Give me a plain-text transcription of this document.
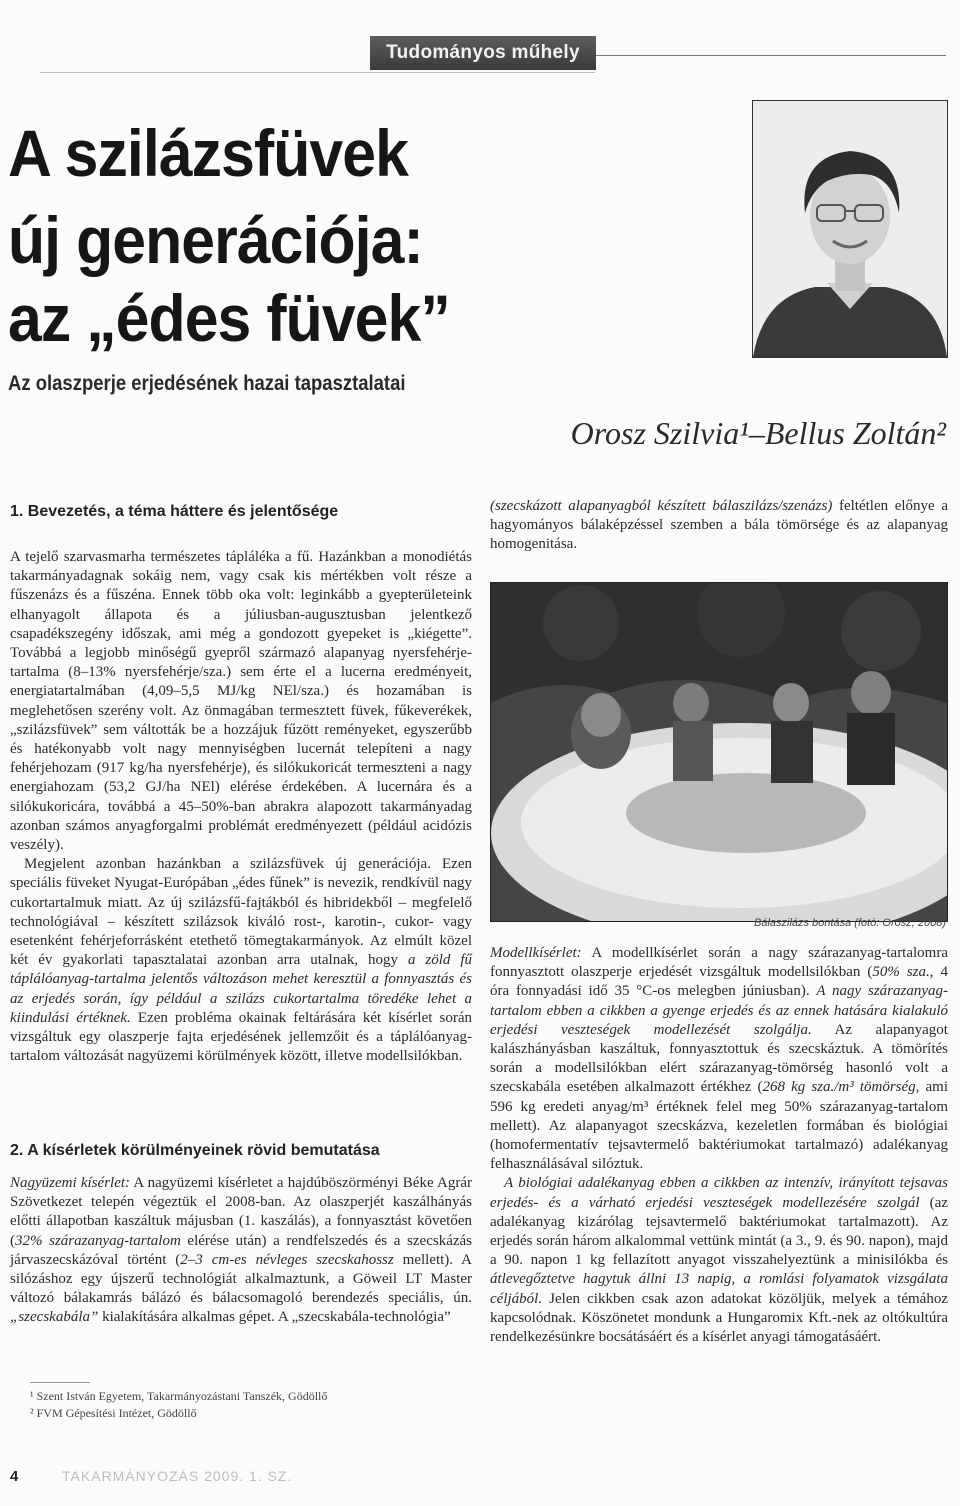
Tudományos műhely
A szilázsfüvek
új generációja:
az „édes füvek”
Az olaszperje erjedésének hazai tapasztalatai
Orosz Szilvia¹–Bellus Zoltán²
1. Bevezetés, a téma háttere és jelentősége

A tejelő szarvasmarha természetes tápláléka a fű. Hazánkban a monodiétás takarmányadagnak sokáig nem, vagy csak kis mértékben volt része a fűszenázs és a fűszéna. Ennek több oka volt: leginkább a gyepterületeink elhanyagolt állapota és a júliusban-augusztusban jelentkező csapadékszegény időszak, ami még a gondozott gyepeket is „kiégette”. Továbbá a legjobb minőségű gyepről származó alapanyag nyersfehérje-tartalma (8–13% nyersfehérje/sza.) sem érte el a lucerna eredményeit, energiatartalmában (4,09–5,5 MJ/kg NEl/sza.) és hozamában is meglehetősen szerény volt. Az önmagában termesztett füvek, fűkeverékek, „szilázsfüvek” sem váltották be a hozzájuk fűzött reményeket, egyszerűbb és hatékonyabb volt nagy mennyiségben lucernát telepíteni a nagy fehérjehozam (917 kg/ha nyersfehérje), és silókukoricát termeszteni a nagy energiahozam (53,2 GJ/ha NEl) elérése érdekében. A lucernára és a silókukoricára, továbbá a 45–50%-ban abrakra alapozott takarmányadag azonban számos anyagforgalmi problémát eredményezett (például acidózis veszély).

Megjelent azonban hazánkban a szilázsfüvek új generációja. Ezen speciális füveket Nyugat-Európában „édes fűnek” is nevezik, rendkívül nagy cukortartalmuk miatt. Az új szilázsfű-fajtákból és hibridekből – megfelelő technológiával – készített szilázsok kiváló rost-, karotin-, cukor- vagy esetenként fehérjeforrásként etethető tömegtakarmányok. Az elmúlt közel két év gyakorlati tapasztalatai azonban arra utalnak, hogy a zöld fű táplálóanyag-tartalma jelentős változáson mehet keresztül a fonnyasztás és az erjedés során, így például a szilázs cukortartalma töredéke lehet a kiindulási értéknek. Ezen probléma okainak feltárására két kísérlet során vizsgáltuk egy olaszperje fajta erjedésének jellemzőit és a táplálóanyag-tartalom változását nagyüzemi körülmények között, illetve modellsilókban.

2. A kísérletek körülményeinek rövid bemutatása

Nagyüzemi kísérlet: A nagyüzemi kísérletet a hajdúböszörményi Béke Agrár Szövetkezet telepén végeztük el 2008-ban. Az olaszperjét kaszálhányás előtti állapotban kaszáltuk májusban (1. kaszálás), a fonnyasztást követően (32% szárazanyag-tartalom elérése után) a rendfelszedés és a szecskázás járvaszecskázóval történt (2–3 cm-es névleges szecskahossz mellett). A silózáshoz egy újszerű technológiát alkalmaztunk, a Göweil LT Master változó bálakamrás bálázó és bálacsomagoló berendezés speciális, ún. „szecskabála” kialakítására alkalmas gépet. A „szecskabála-technológia”

¹ Szent István Egyetem, Takarmányozástani Tanszék, Gödöllő
² FVM Gépesítési Intézet, Gödöllő

(szecskázott alapanyagból készített bálaszilázs/szenázs) feltétlen előnye a hagyományos bálaképzéssel szemben a bála tömörsége és az alapanyag homogenitása.

Bálaszilázs bontása (fotó: Orosz, 2008)

Modellkísérlet: A modellkísérlet során a nagy szárazanyag-tartalomra fonnyasztott olaszperje erjedését vizsgáltuk modellsilókban (50% sza., 4 óra fonnyadási idő 35 °C-os melegben júniusban). A nagy szárazanyag-tartalom ebben a cikkben a gyenge erjedés és az ennek hatására kialakuló erjedési veszteségek modellezését szolgálja. Az alapanyagot kalászhányásban kaszáltuk, fonnyasztottuk és szecskáztuk. A tömörítés során a modellsilókban elért szárazanyag-tömörség hasonló volt a szecskabála esetében alkalmazott értékhez (268 kg sza./m³ tömörség, ami 596 kg eredeti anyag/m³ értéknek felel meg 50% szárazanyag-tartalom mellett). Az alapanyagot szecskázva, kezeletlen formában és biológiai (homofermentatív tejsavtermelő baktériumokat tartalmazó) adalékanyag felhasználásával silóztuk.

A biológiai adalékanyag ebben a cikkben az intenzív, irányított tejsavas erjedés- és a várható erjedési veszteségek modellezésére szolgál (az adalékanyag kizárólag tejsavtermelő baktériumokat tartalmazott). Az erjedés során három alkalommal vettünk mintát (a 3., 9. és 90. napon), majd a 90. napon 1 kg fellazított anyagot visszahelyeztünk a minisilókba és átlevegőztetve hagytuk állni 13 napig, a romlási folyamatok vizsgálata céljából. Jelen cikkben csak azon adatokat közöljük, melyek a témához kapcsolódnak. Köszönetet mondunk a Hungaromix Kft.-nek az oltókultúra rendelkezésünkre bocsátásáért és a kísérlet anyagi támogatásáért.

4	TAKARMÁNYOZÁS 2009. 1. SZ.
